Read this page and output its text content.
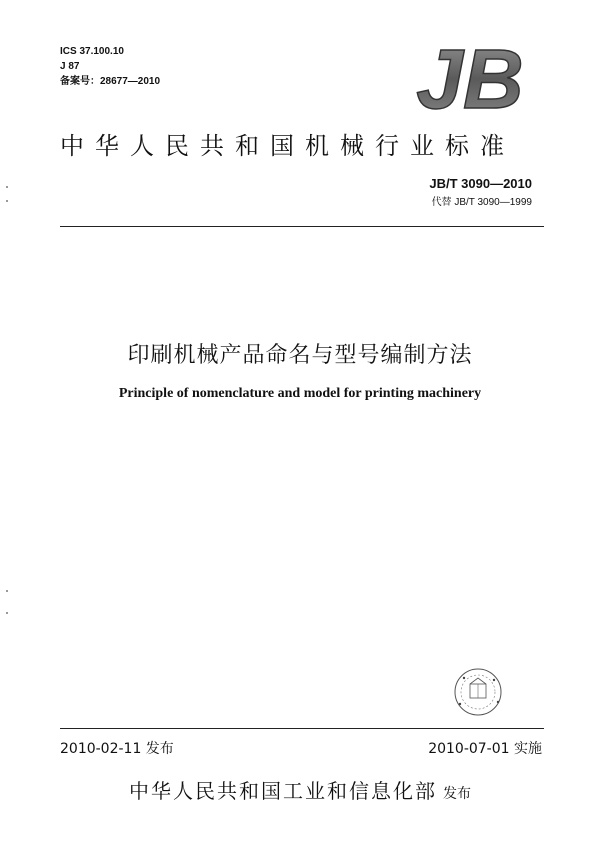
ICS 37.100.10
J 87
备案号：28677—2010	JB
中华人民共和国机械行业标准
JB/T 3090—2010
代替 JB/T 3090—1999
印刷机械产品命名与型号编制方法
Principle of nomenclature and model for printing machinery
2010-02-11 发布	2010-07-01 实施
中华人民共和国工业和信息化部 发布
